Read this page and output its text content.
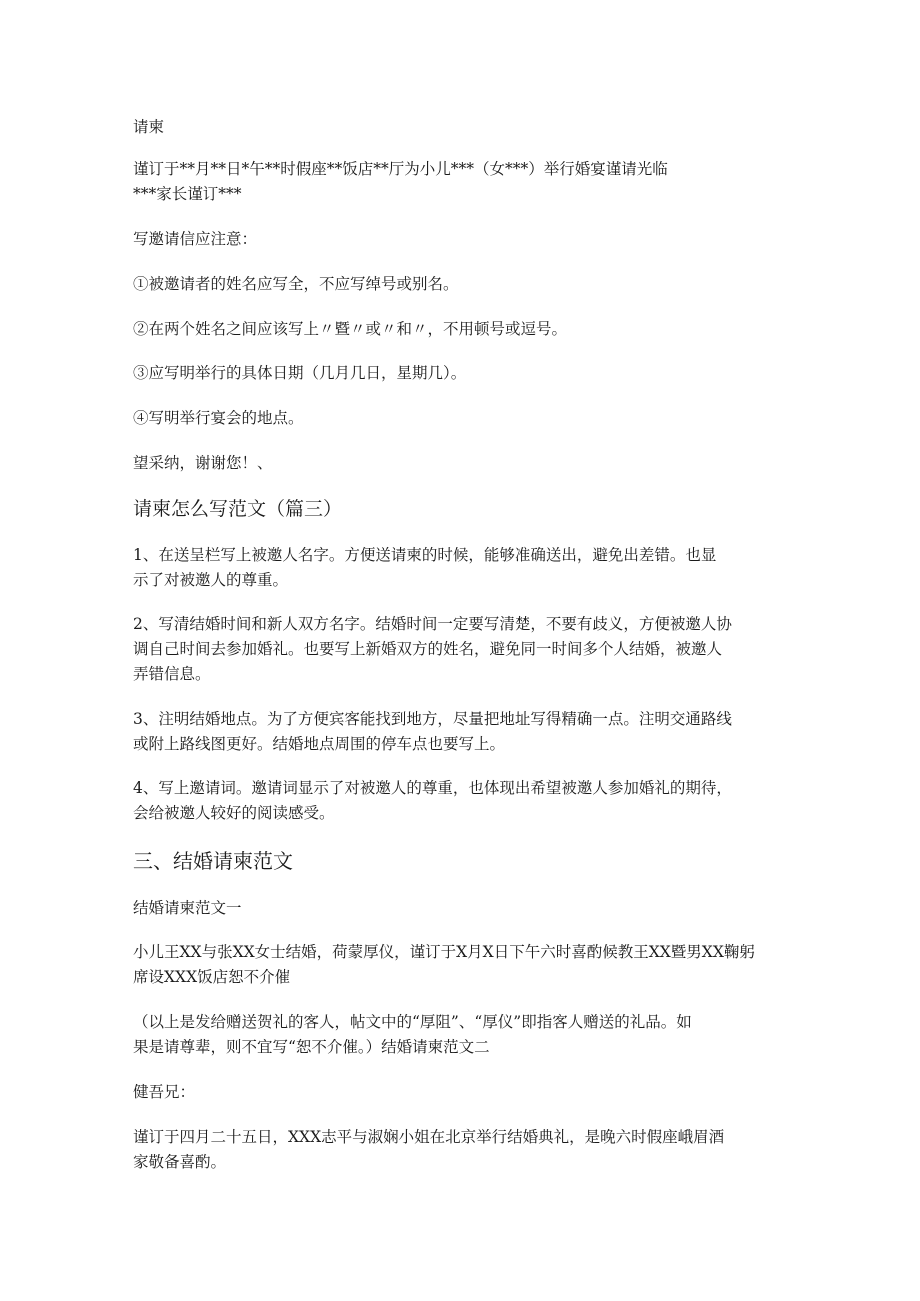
请柬

谨订于**月**日*午**时假座**饭店**厅为小儿***（女***）举行婚宴谨请光临

***家长谨订***

写邀请信应注意：

①被邀请者的姓名应写全，不应写绰号或别名。

②在两个姓名之间应该写上〃暨〃或〃和〃，不用顿号或逗号。

③应写明举行的具体日期（几月几日，星期几）。

④写明举行宴会的地点。

望采纳，谢谢您！、

请柬怎么写范文（篇三）

1、在送呈栏写上被邀人名字。方便送请柬的时候，能够准确送出，避免出差错。也显

示了对被邀人的尊重。

2、写清结婚时间和新人双方名字。结婚时间一定要写清楚，不要有歧义，方便被邀人协

调自己时间去参加婚礼。也要写上新婚双方的姓名，避免同一时间多个人结婚，被邀人

弄错信息。

3、注明结婚地点。为了方便宾客能找到地方，尽量把地址写得精确一点。注明交通路线

或附上路线图更好。结婚地点周围的停车点也要写上。

4、写上邀请词。邀请词显示了对被邀人的尊重，也体现出希望被邀人参加婚礼的期待，

会给被邀人较好的阅读感受。

三、结婚请柬范文

结婚请柬范文一

小儿王XX与张XX女士结婚，荷蒙厚仪，谨订于X月X日下午六时喜酌候教王XX暨男XX鞠躬

席设XXX饭店恕不介催

（以上是发给赠送贺礼的客人，帖文中的“厚阻”、“厚仪”即指客人赠送的礼品。如

果是请尊辈，则不宜写“恕不介催。）结婚请柬范文二

健吾兄：

谨订于四月二十五日，XXX志平与淑娴小姐在北京举行结婚典礼，是晚六时假座峨眉酒

家敬备喜酌。
